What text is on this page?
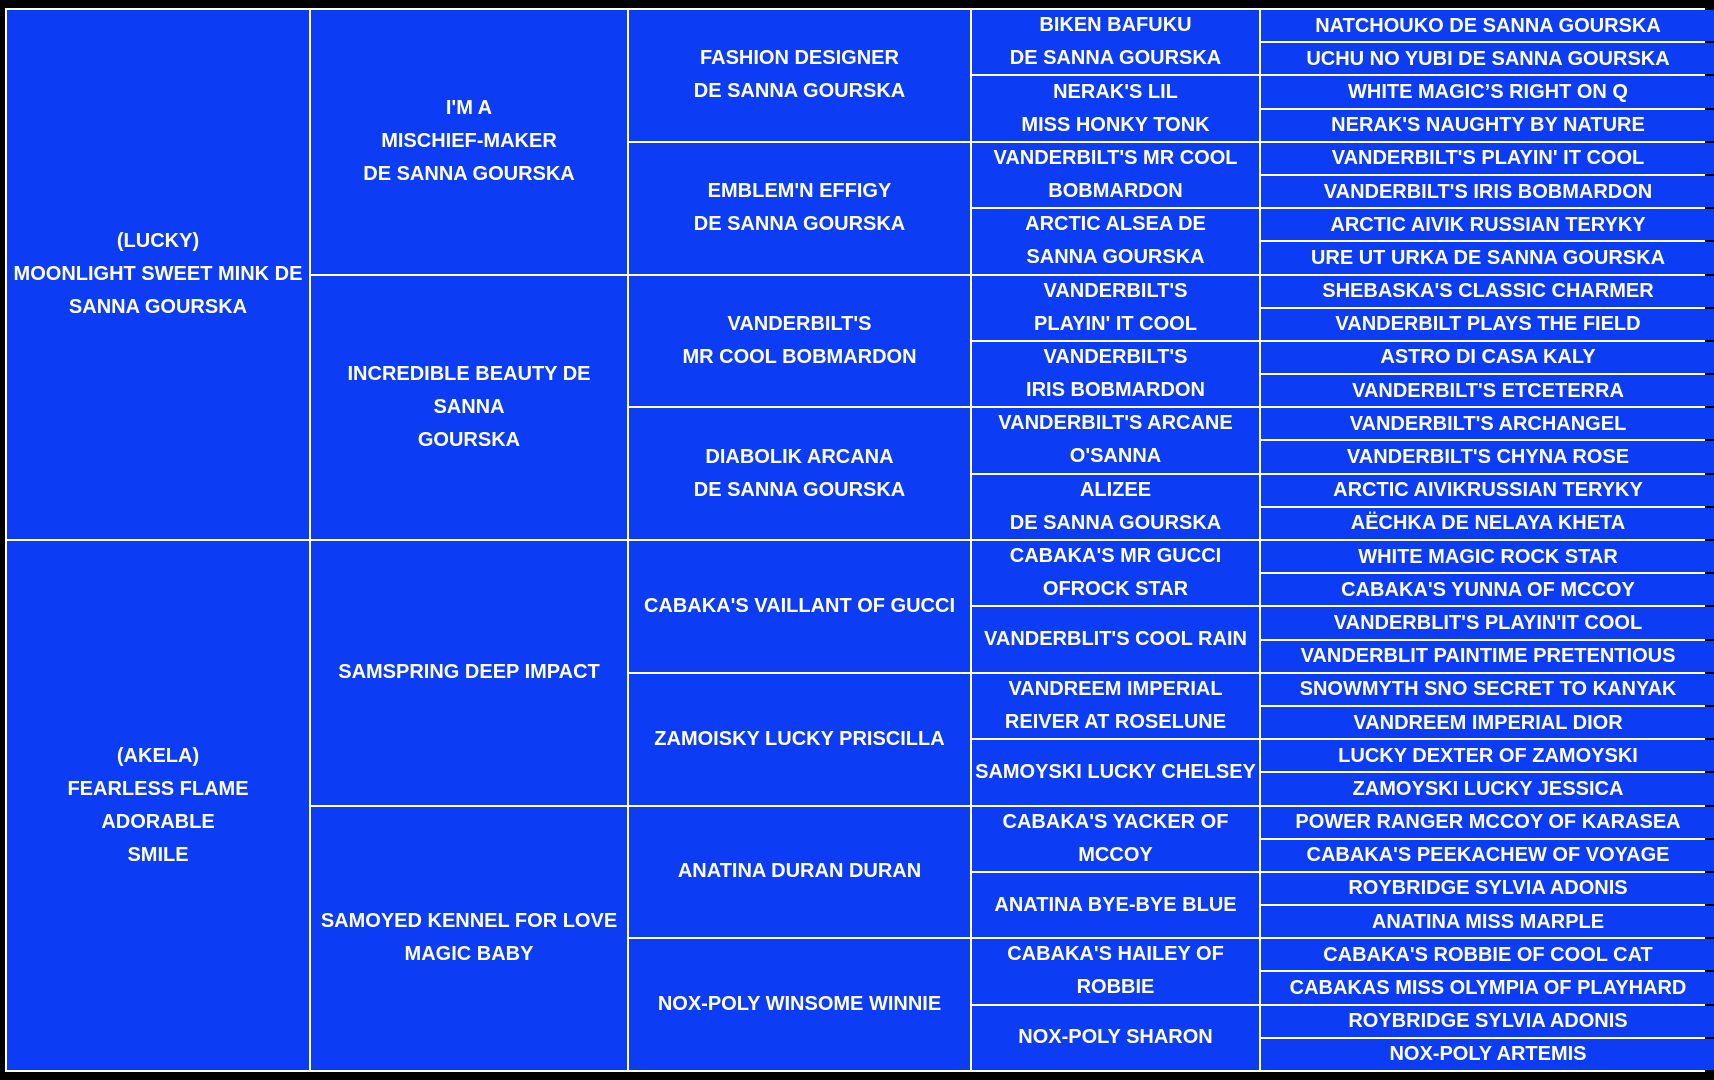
(LUCKY)
MOONLIGHT SWEET MINK DE
SANNA GOURSKA
(AKELA)
FEARLESS FLAME ADORABLE
SMILE
I'M A
MISCHIEF-MAKER
DE SANNA GOURSKA
INCREDIBLE BEAUTY DE SANNA
GOURSKA
SAMSPRING DEEP IMPACT
SAMOYED KENNEL FOR LOVE
MAGIC BABY
FASHION DESIGNER
DE SANNA GOURSKA
EMBLEM'N EFFIGY
DE SANNA GOURSKA
VANDERBILT'S
MR COOL BOBMARDON
DIABOLIK ARCANA
DE SANNA GOURSKA
CABAKA'S VAILLANT OF GUCCI
ZAMOISKY LUCKY PRISCILLA
ANATINA DURAN DURAN
NOX-POLY WINSOME WINNIE
BIKEN BAFUKU
DE SANNA GOURSKA
NERAK'S LIL
MISS HONKY TONK
VANDERBILT'S MR COOL
BOBMARDON
ARCTIC ALSEA DE
SANNA GOURSKA
VANDERBILT'S
PLAYIN' IT COOL
VANDERBILT'S
IRIS BOBMARDON
VANDERBILT'S ARCANE
O'SANNA
ALIZEE
DE SANNA GOURSKA
CABAKA'S MR GUCCI
OFROCK STAR
VANDERBLIT'S COOL RAIN
VANDREEM IMPERIAL
REIVER AT ROSELUNE
SAMOYSKI LUCKY CHELSEY
CABAKA'S YACKER OF
MCCOY
ANATINA BYE-BYE BLUE
CABAKA'S HAILEY OF
ROBBIE
NOX-POLY SHARON
NATCHOUKO DE SANNA GOURSKA
UCHU NO YUBI DE SANNA GOURSKA
WHITE MAGIC’S RIGHT ON Q
NERAK'S NAUGHTY BY NATURE
VANDERBILT'S PLAYIN' IT COOL
VANDERBILT'S IRIS BOBMARDON
ARCTIC AIVIK RUSSIAN TERYKY
URE UT URKA DE SANNA GOURSKA
SHEBASKA'S CLASSIC CHARMER
VANDERBILT PLAYS THE FIELD
ASTRO DI CASA KALY
VANDERBILT'S ETCETERRA
VANDERBILT'S ARCHANGEL
VANDERBILT'S CHYNA ROSE
ARCTIC AIVIKRUSSIAN TERYKY
AËCHKA DE NELAYA KHETA
WHITE MAGIC ROCK STAR
CABAKA'S YUNNA OF MCCOY
VANDERBLIT'S PLAYIN'IT COOL
VANDERBLIT PAINTIME PRETENTIOUS
SNOWMYTH SNO SECRET TO KANYAK
VANDREEM IMPERIAL DIOR
LUCKY DEXTER OF ZAMOYSKI
ZAMOYSKI LUCKY JESSICA
POWER RANGER MCCOY OF KARASEA
CABAKA'S PEEKACHEW OF VOYAGE
ROYBRIDGE SYLVIA ADONIS
ANATINA MISS MARPLE
CABAKA'S ROBBIE OF COOL CAT
CABAKAS MISS OLYMPIA OF PLAYHARD
ROYBRIDGE SYLVIA ADONIS
NOX-POLY ARTEMIS
